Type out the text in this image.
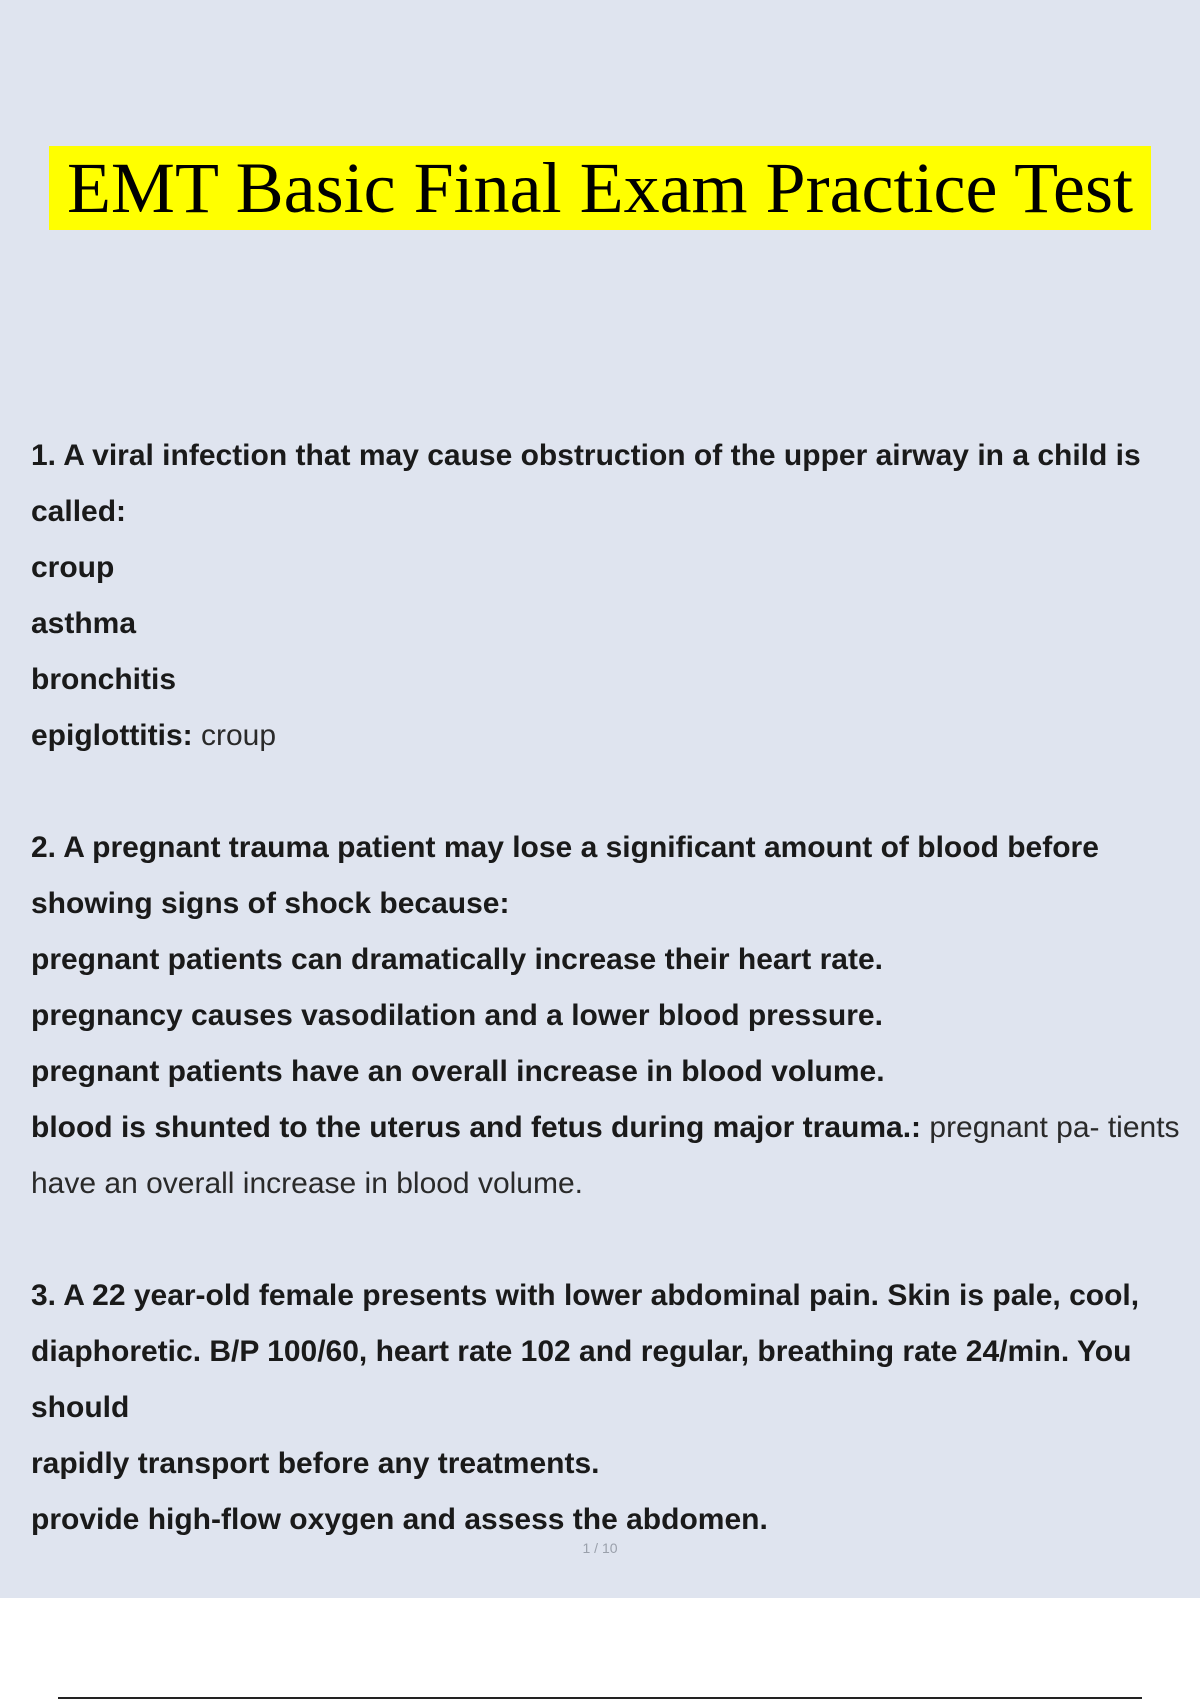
EMT Basic Final Exam Practice Test
1. A viral infection that may cause obstruction of the upper airway in a child is called:
croup
asthma
bronchitis
epiglottitis: croup
2. A pregnant trauma patient may lose a significant amount of blood before showing signs of shock because:
pregnant patients can dramatically increase their heart rate.
pregnancy causes vasodilation and a lower blood pressure.
pregnant patients have an overall increase in blood volume.
blood is shunted to the uterus and fetus during major trauma.: pregnant pa- tients have an overall increase in blood volume.
3. A 22 year-old female presents with lower abdominal pain. Skin is pale, cool, diaphoretic. B/P 100/60, heart rate 102 and regular, breathing rate 24/min. You should
rapidly transport before any treatments.
provide high-flow oxygen and assess the abdomen.
1 / 10
